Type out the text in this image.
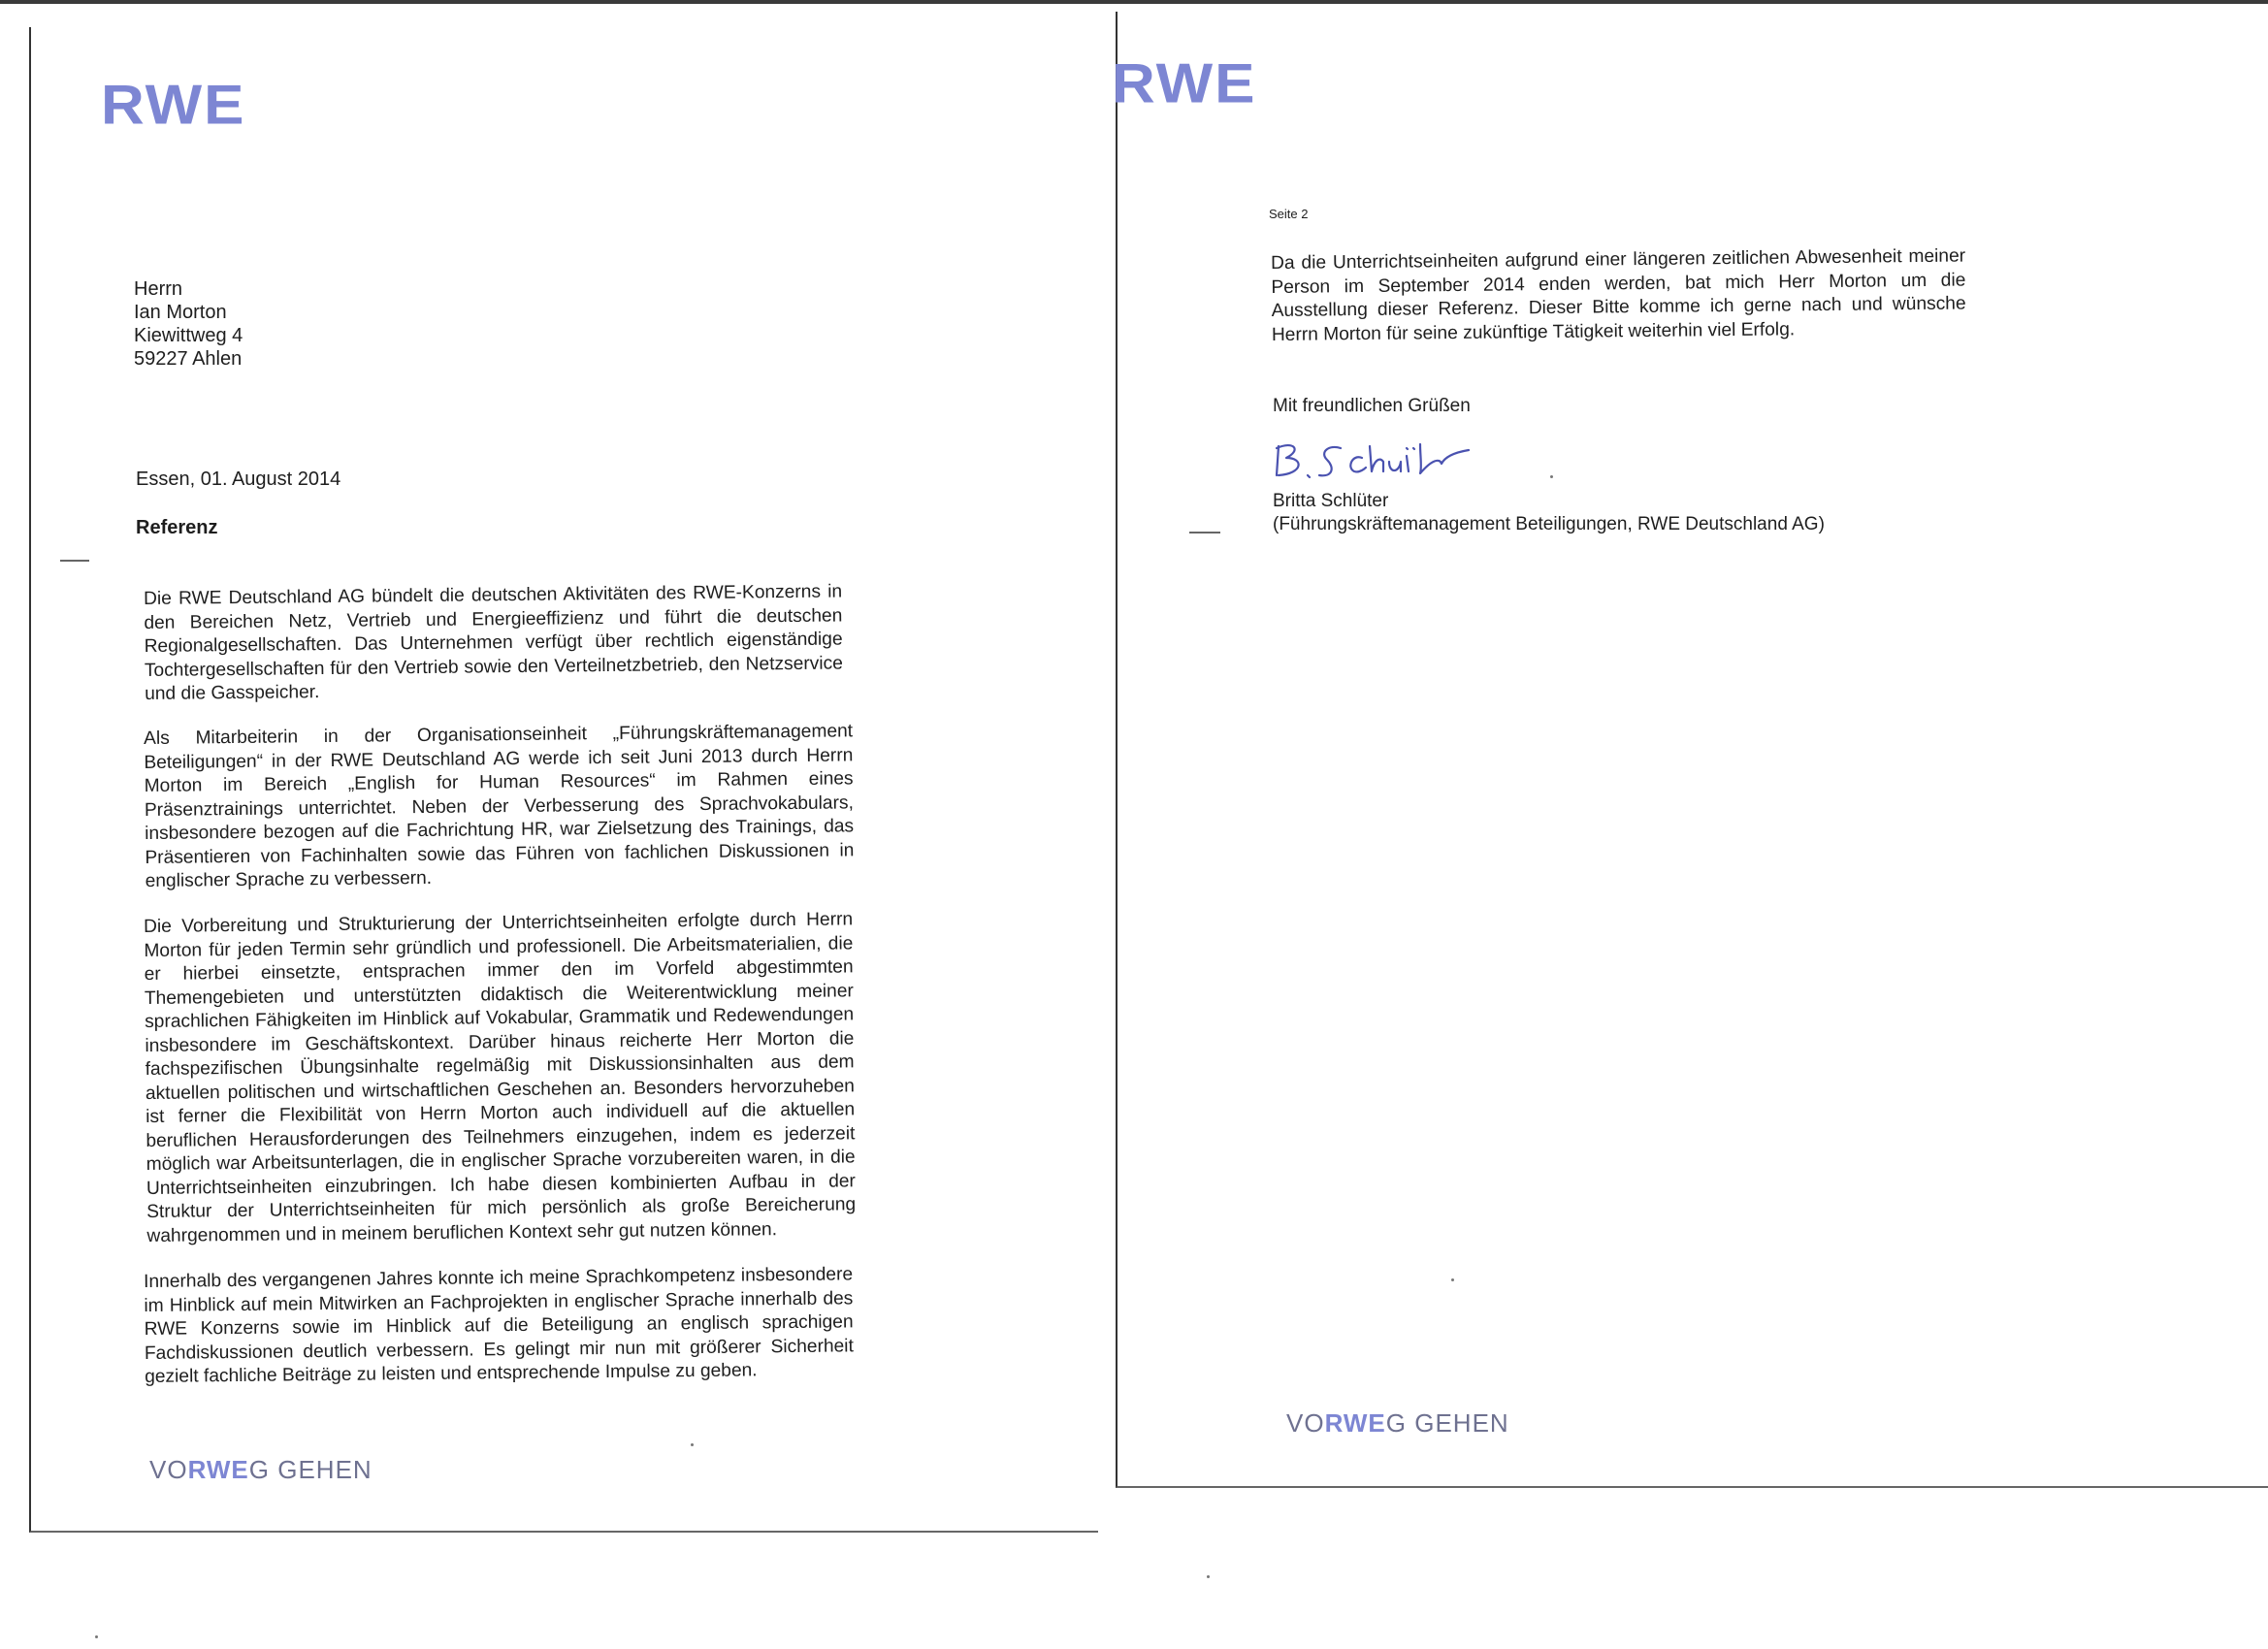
RWE
Herrn
Ian Morton
Kiewittweg 4
59227 Ahlen
Essen, 01. August 2014
Referenz
Die RWE Deutschland AG bündelt die deutschen Aktivitäten des RWE-Konzerns in den Bereichen Netz, Vertrieb und Energieeffizienz und führt die deutschen Regionalgesellschaften. Das Unternehmen verfügt über rechtlich eigenständige Tochtergesellschaften für den Vertrieb sowie den Verteilnetzbetrieb, den Netzservice und die Gasspeicher.
Als Mitarbeiterin in der Organisationseinheit „Führungskräftemanagement Beteiligungen“ in der RWE Deutschland AG werde ich seit Juni 2013 durch Herrn Morton im Bereich „English for Human Resources“ im Rahmen eines Präsenztrainings unterrichtet. Neben der Verbesserung des Sprachvokabulars, insbesondere bezogen auf die Fachrichtung HR, war Zielsetzung des Trainings, das Präsentieren von Fachinhalten sowie das Führen von fachlichen Diskussionen in englischer Sprache zu verbessern.
Die Vorbereitung und Strukturierung der Unterrichtseinheiten erfolgte durch Herrn Morton für jeden Termin sehr gründlich und professionell. Die Arbeitsmaterialien, die er hierbei einsetzte, entsprachen immer den im Vorfeld abgestimmten Themengebieten und unterstützten didaktisch die Weiterentwicklung meiner sprachlichen Fähigkeiten im Hinblick auf Vokabular, Grammatik und Redewendungen insbesondere im Geschäftskontext. Darüber hinaus reicherte Herr Morton die fachspezifischen Übungsinhalte regelmäßig mit Diskussionsinhalten aus dem aktuellen politischen und wirtschaftlichen Geschehen an. Besonders hervorzuheben ist ferner die Flexibilität von Herrn Morton auch individuell auf die aktuellen beruflichen Herausforderungen des Teilnehmers einzugehen, indem es jederzeit möglich war Arbeitsunterlagen, die in englischer Sprache vorzubereiten waren, in die Unterrichtseinheiten einzubringen. Ich habe diesen kombinierten Aufbau in der Struktur der Unterrichtseinheiten für mich persönlich als große Bereicherung wahrgenommen und in meinem beruflichen Kontext sehr gut nutzen können.
Innerhalb des vergangenen Jahres konnte ich meine Sprachkompetenz insbesondere im Hinblick auf mein Mitwirken an Fachprojekten in englischer Sprache innerhalb des RWE Konzerns sowie im Hinblick auf die Beteiligung an englisch sprachigen Fachdiskussionen deutlich verbessern. Es gelingt mir nun mit größerer Sicherheit gezielt fachliche Beiträge zu leisten und entsprechende Impulse zu geben.
VORWEG GEHEN
RWE
Seite 2
Da die Unterrichtseinheiten aufgrund einer längeren zeitlichen Abwesenheit meiner Person im September 2014 enden werden, bat mich Herr Morton um die Ausstellung dieser Referenz. Dieser Bitte komme ich gerne nach und wünsche Herrn Morton für seine zukünftige Tätigkeit weiterhin viel Erfolg.
Mit freundlichen Grüßen
Britta Schlüter
(Führungskräftemanagement Beteiligungen, RWE Deutschland AG)
VORWEG GEHEN
